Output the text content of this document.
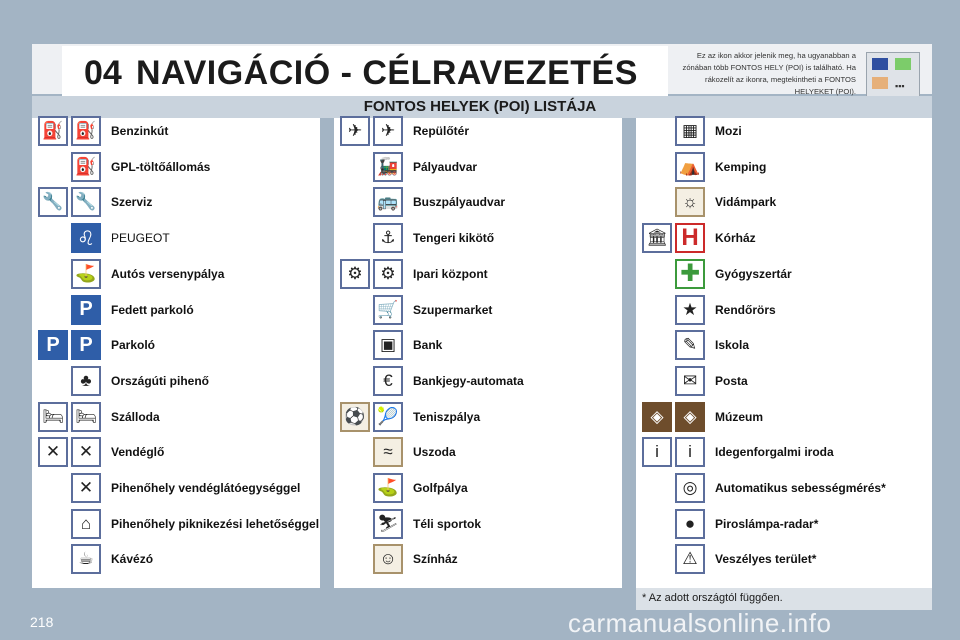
04 NAVIGÁCIÓ - CÉLRAVEZETÉS	Ez az ikon akkor jelenik meg, ha ugyanabban a zónában több FONTOS HELY (POI) is található. Ha rákozelít az ikonra, megtekintheti a FONTOS HELYEKET (POI).
▪▪▪
FONTOS HELYEK (POI) LISTÁJA
⛽ ⛽	Benzinkút
⛽	GPL-töltőállomás
🔧 🔧	Szerviz
♌	PEUGEOT
⛳	Autós versenypálya
P	Fedett parkoló
P P	Parkoló
♣	Országúti pihenő
🛏 🛏	Szálloda
✕	✕	Vendéglő
✕	Pihenőhely vendéglátóegységgel
⌂	Pihenőhely piknikezési lehetőséggel
☕	Kávézó
✈	✈	Repülőtér
🚂	Pályaudvar
🚌	Buszpályaudvar
⚓	Tengeri kikötő
⚙	⚙	Ipari központ
🛒	Szupermarket
▣	Bank
€	Bankjegy-automata
⚽ 🎾	Teniszpálya
≈	Uszoda
⛳	Golfpálya
⛷	Téli sportok
☺	Színház
▦	Mozi
⛺	Kemping
☼	Vidámpark
🏛 H	Kórház
✚	Gyógyszertár
★	Rendőrörs
✎	Iskola
✉	Posta
◈	◈	Múzeum
i	i	Idegenforgalmi iroda
◎	Automatikus sebességmérés*
●	Piroslámpa-radar*
⚠	Veszélyes terület*
* Az adott országtól függően.
218	carmanualsonline.info
